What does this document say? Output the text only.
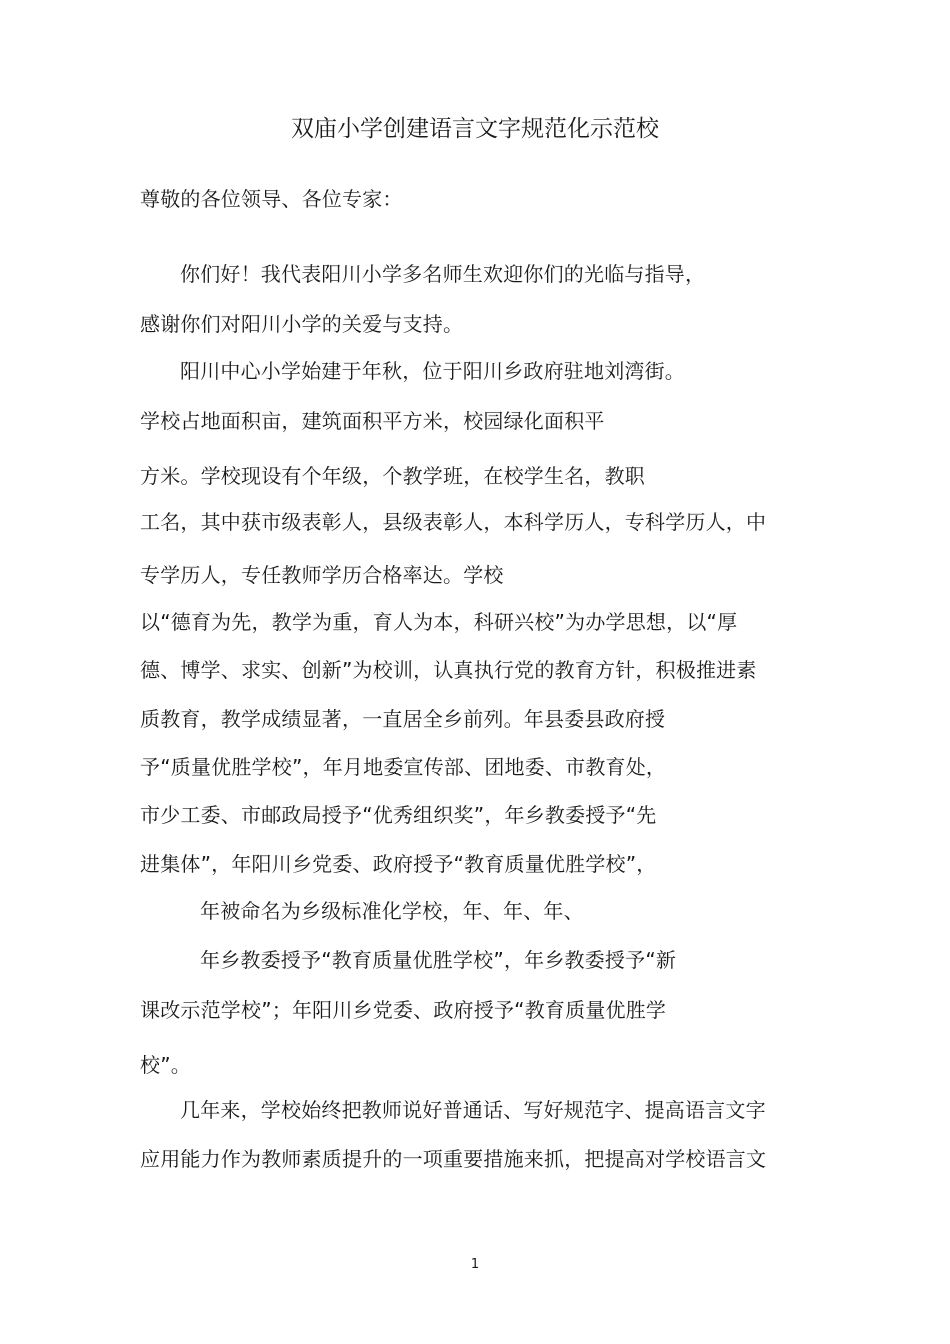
双庙小学创建语言文字规范化示范校
尊敬的各位领导、各位专家：
你们好！我代表阳川小学多名师生欢迎你们的光临与指导，
感谢你们对阳川小学的关爱与支持。
阳川中心小学始建于年秋，位于阳川乡政府驻地刘湾街。
学校占地面积亩，建筑面积平方米，校园绿化面积平
方米。学校现设有个年级，个教学班，在校学生名，教职
工名，其中获市级表彰人，县级表彰人，本科学历人，专科学历人，中
专学历人，专任教师学历合格率达。学校
以“德育为先，教学为重，育人为本，科研兴校”为办学思想，以“厚
德、博学、求实、创新”为校训，认真执行党的教育方针，积极推进素
质教育，教学成绩显著，一直居全乡前列。年县委县政府授
予“质量优胜学校”，年月地委宣传部、团地委、市教育处，
市少工委、市邮政局授予“优秀组织奖”，年乡教委授予“先
进集体”，年阳川乡党委、政府授予“教育质量优胜学校”，
年被命名为乡级标准化学校，年、年、年、
年乡教委授予“教育质量优胜学校”，年乡教委授予“新
课改示范学校”；年阳川乡党委、政府授予“教育质量优胜学
校”。
几年来，学校始终把教师说好普通话、写好规范字、提高语言文字
应用能力作为教师素质提升的一项重要措施来抓，把提高对学校语言文
1
